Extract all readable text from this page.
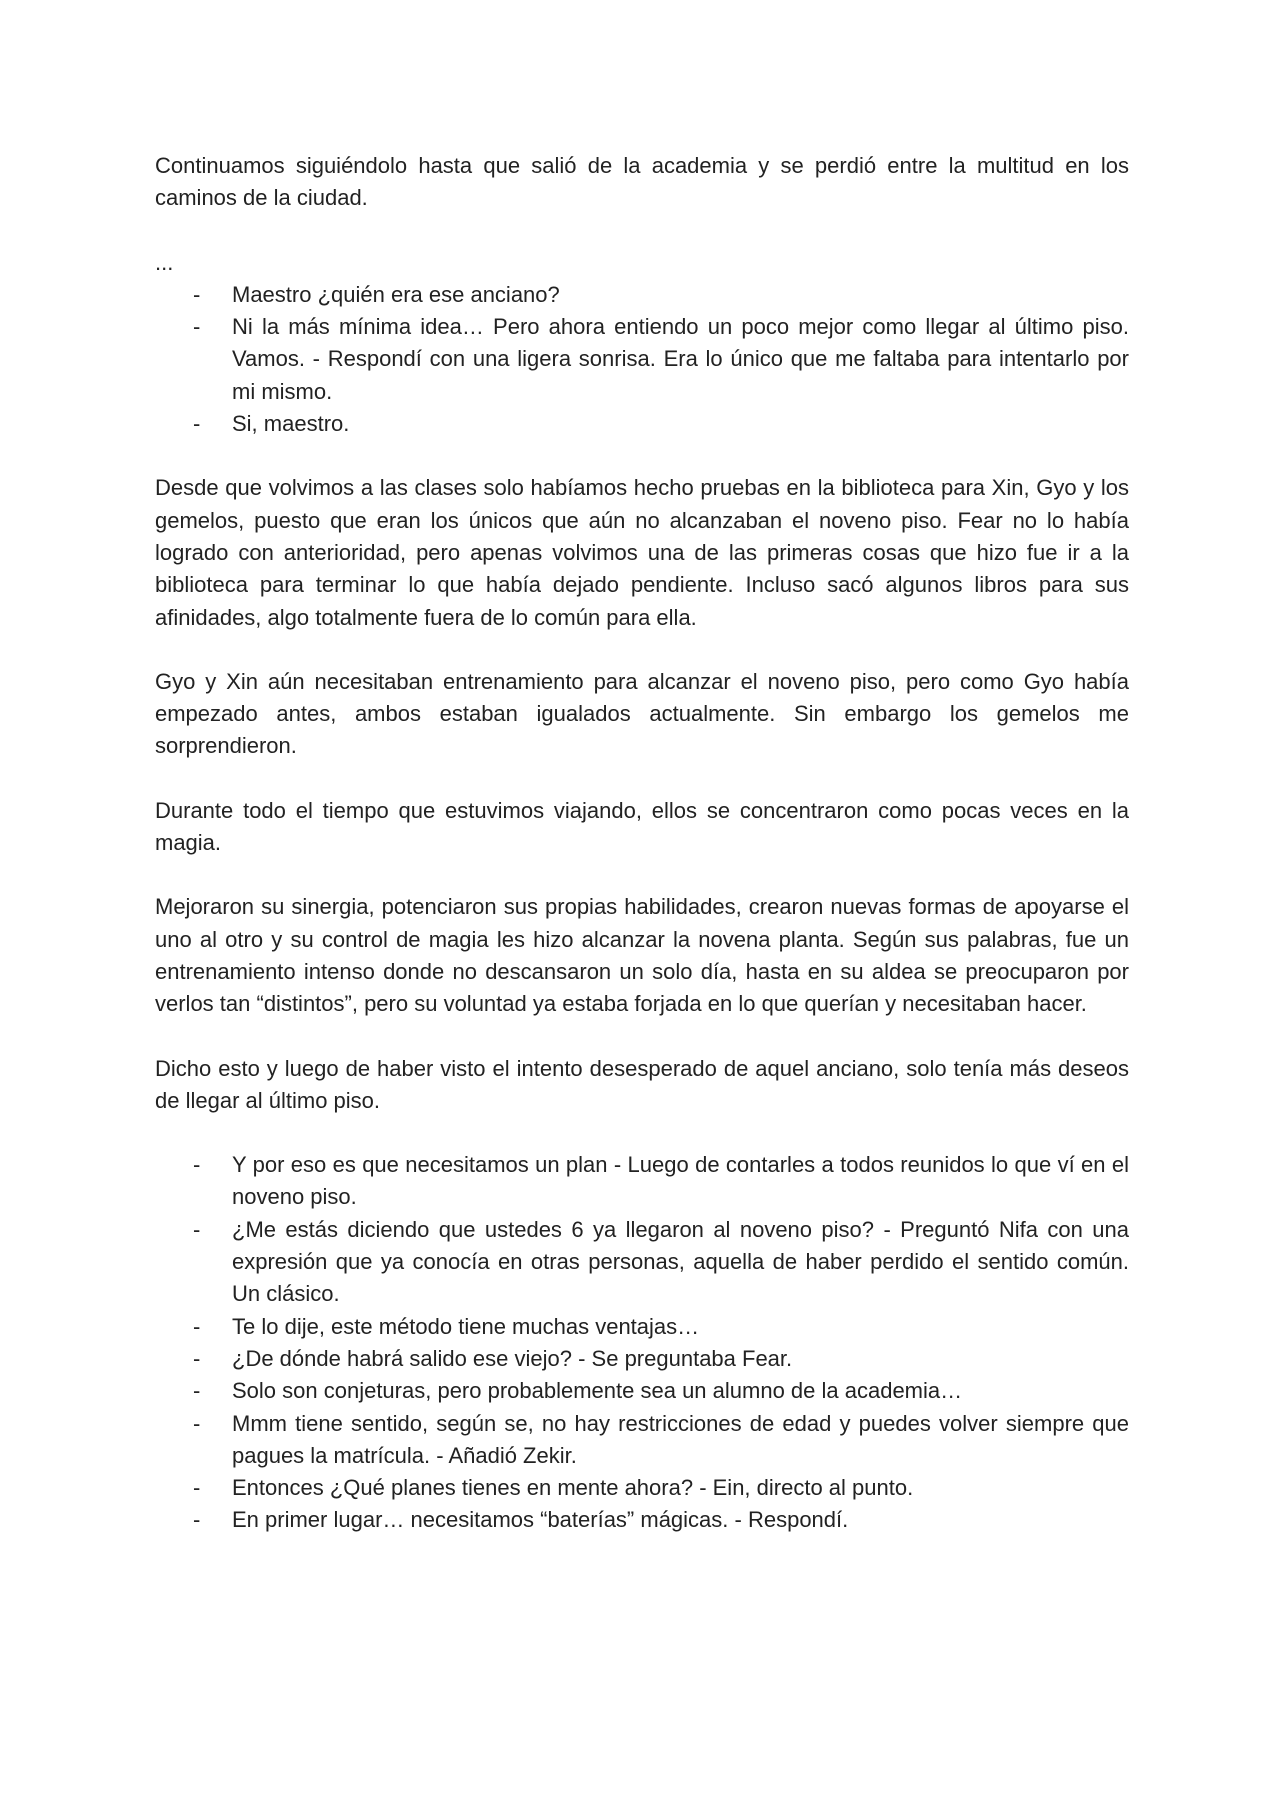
Continuamos siguiéndolo hasta que salió de la academia y se perdió entre la multitud en los caminos de la ciudad.

...

- Maestro ¿quién era ese anciano?
- Ni la más mínima idea… Pero ahora entiendo un poco mejor como llegar al último piso. Vamos. - Respondí con una ligera sonrisa. Era lo único que me faltaba para intentarlo por mi mismo.
- Si, maestro.

Desde que volvimos a las clases solo habíamos hecho pruebas en la biblioteca para Xin, Gyo y los gemelos, puesto que eran los únicos que aún no alcanzaban el noveno piso. Fear no lo había logrado con anterioridad, pero apenas volvimos una de las primeras cosas que hizo fue ir a la biblioteca para terminar lo que había dejado pendiente. Incluso sacó algunos libros para sus afinidades, algo totalmente fuera de lo común para ella.

Gyo y Xin aún necesitaban entrenamiento para alcanzar el noveno piso, pero como Gyo había empezado antes, ambos estaban igualados actualmente. Sin embargo los gemelos me sorprendieron.

Durante todo el tiempo que estuvimos viajando, ellos se concentraron como pocas veces en la magia.

Mejoraron su sinergia, potenciaron sus propias habilidades, crearon nuevas formas de apoyarse el uno al otro y su control de magia les hizo alcanzar la novena planta. Según sus palabras, fue un entrenamiento intenso donde no descansaron un solo día, hasta en su aldea se preocuparon por verlos tan “distintos”, pero su voluntad ya estaba forjada en lo que querían y necesitaban hacer.

Dicho esto y luego de haber visto el intento desesperado de aquel anciano, solo tenía más deseos de llegar al último piso.

- Y por eso es que necesitamos un plan - Luego de contarles a todos reunidos lo que ví en el noveno piso.
- ¿Me estás diciendo que ustedes 6 ya llegaron al noveno piso? - Preguntó Nifa con una expresión que ya conocía en otras personas, aquella de haber perdido el sentido común. Un clásico.
- Te lo dije, este método tiene muchas ventajas…
- ¿De dónde habrá salido ese viejo? - Se preguntaba Fear.
- Solo son conjeturas, pero probablemente sea un alumno de la academia…
- Mmm tiene sentido, según se, no hay restricciones de edad y puedes volver siempre que pagues la matrícula. - Añadió Zekir.
- Entonces ¿Qué planes tienes en mente ahora? - Ein, directo al punto.
- En primer lugar… necesitamos “baterías” mágicas. - Respondí.
